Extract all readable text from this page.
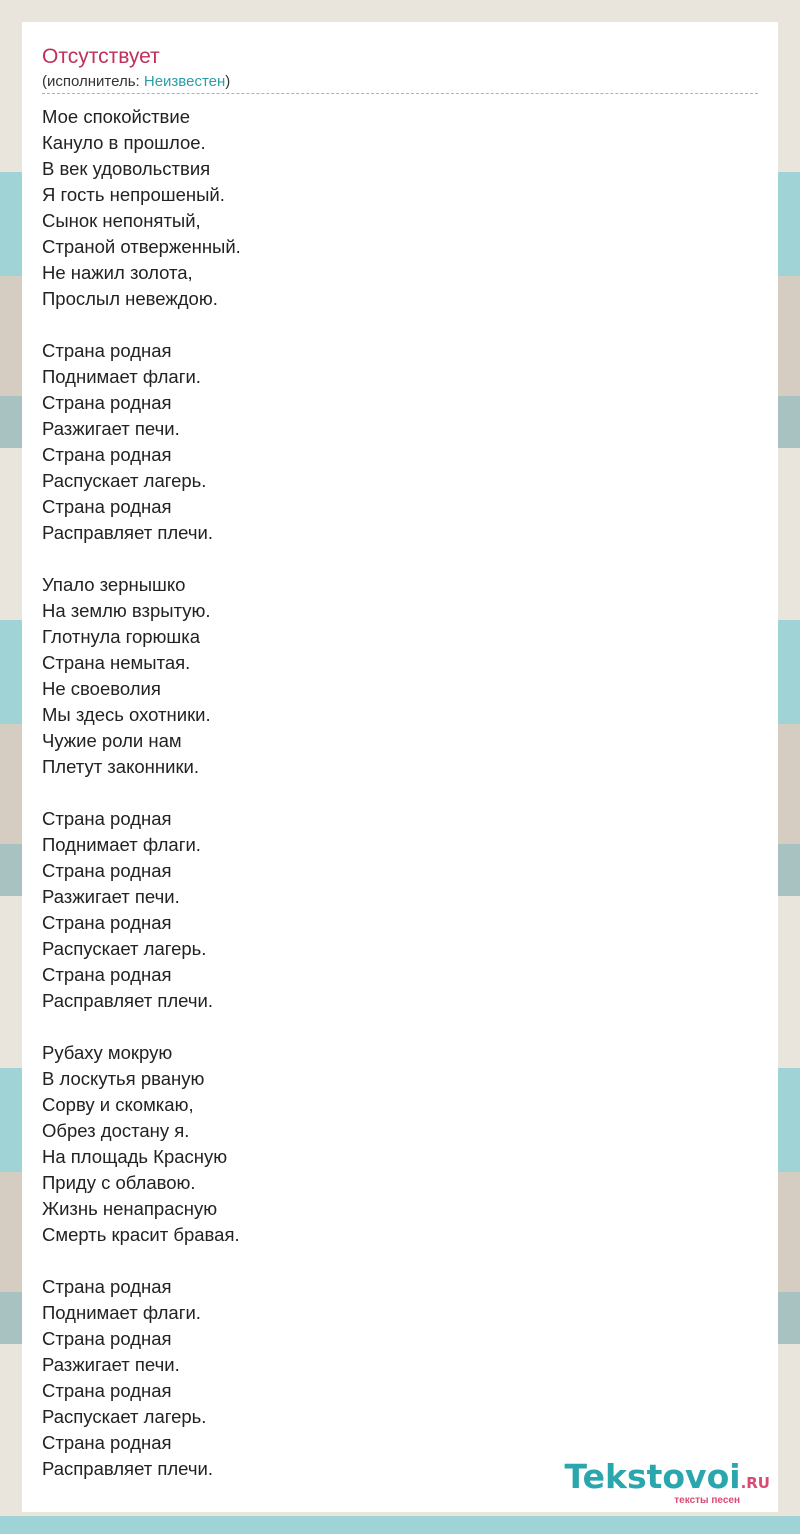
Отсутствует
(исполнитель: Неизвестен)
Мое спокойствие
Кануло в прошлое.
В век удовольствия
Я гость непрошеный.
Сынок непонятый,
Страной отверженный.
Не нажил золота,
Прослыл невеждою.
Страна родная
Поднимает флаги.
Страна родная
Разжигает печи.
Страна родная
Распускает лагерь.
Страна родная
Расправляет плечи.
Упало зернышко
На землю взрытую.
Глотнула горюшка
Страна немытая.
Не своеволия
Мы здесь охотники.
Чужие роли нам
Плетут законники.
Страна родная
Поднимает флаги.
Страна родная
Разжигает печи.
Страна родная
Распускает лагерь.
Страна родная
Расправляет плечи.
Рубаху мокрую
В лоскутья рваную
Сорву и скомкаю,
Обрез достану я.
На площадь Красную
Приду с облавою.
Жизнь ненапрасную
Смерть красит бравая.
Страна родная
Поднимает флаги.
Страна родная
Разжигает печи.
Страна родная
Распускает лагерь.
Страна родная
Расправляет плечи.	Tekstovoi.RU
тексты песен
